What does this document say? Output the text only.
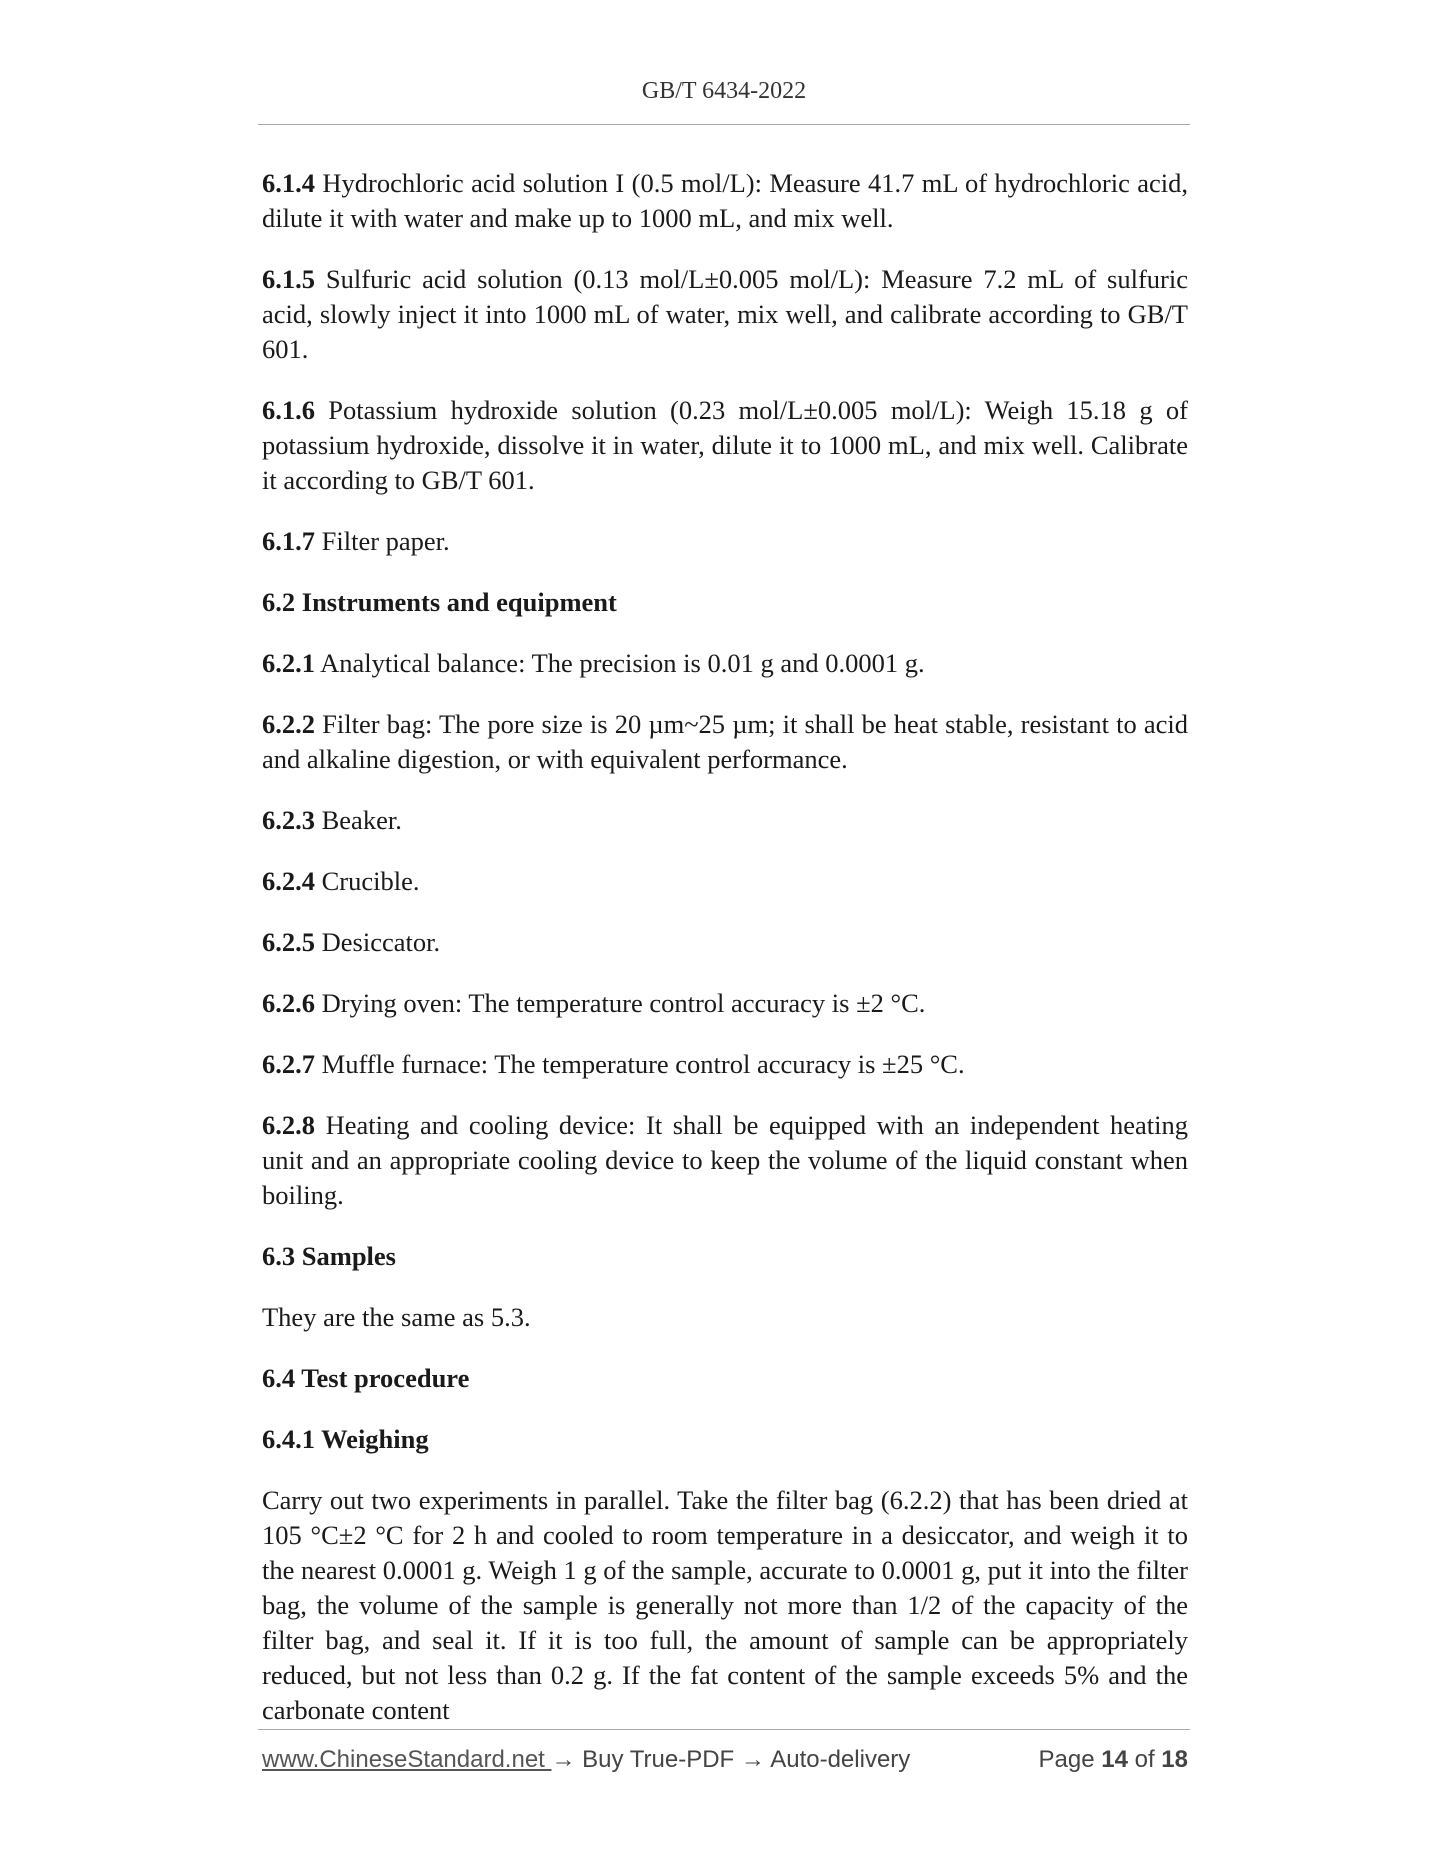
GB/T 6434-2022

6.1.4 Hydrochloric acid solution I (0.5 mol/L): Measure 41.7 mL of hydrochloric acid, dilute it with water and make up to 1000 mL, and mix well.

6.1.5 Sulfuric acid solution (0.13 mol/L±0.005 mol/L): Measure 7.2 mL of sulfuric acid, slowly inject it into 1000 mL of water, mix well, and calibrate according to GB/T 601.

6.1.6 Potassium hydroxide solution (0.23 mol/L±0.005 mol/L): Weigh 15.18 g of potassium hydroxide, dissolve it in water, dilute it to 1000 mL, and mix well. Calibrate it according to GB/T 601.

6.1.7 Filter paper.

6.2 Instruments and equipment

6.2.1 Analytical balance: The precision is 0.01 g and 0.0001 g.

6.2.2 Filter bag: The pore size is 20 µm~25 µm; it shall be heat stable, resistant to acid and alkaline digestion, or with equivalent performance.

6.2.3 Beaker.

6.2.4 Crucible.

6.2.5 Desiccator.

6.2.6 Drying oven: The temperature control accuracy is ±2 °C.

6.2.7 Muffle furnace: The temperature control accuracy is ±25 °C.

6.2.8 Heating and cooling device: It shall be equipped with an independent heating unit and an appropriate cooling device to keep the volume of the liquid constant when boiling.

6.3 Samples

They are the same as 5.3.

6.4 Test procedure

6.4.1 Weighing

Carry out two experiments in parallel. Take the filter bag (6.2.2) that has been dried at 105 °C±2 °C for 2 h and cooled to room temperature in a desiccator, and weigh it to the nearest 0.0001 g. Weigh 1 g of the sample, accurate to 0.0001 g, put it into the filter bag, the volume of the sample is generally not more than 1/2 of the capacity of the filter bag, and seal it. If it is too full, the amount of sample can be appropriately reduced, but not less than 0.2 g. If the fat content of the sample exceeds 5% and the carbonate content

www.ChineseStandard.net → Buy True-PDF → Auto-delivery	Page 14 of 18
